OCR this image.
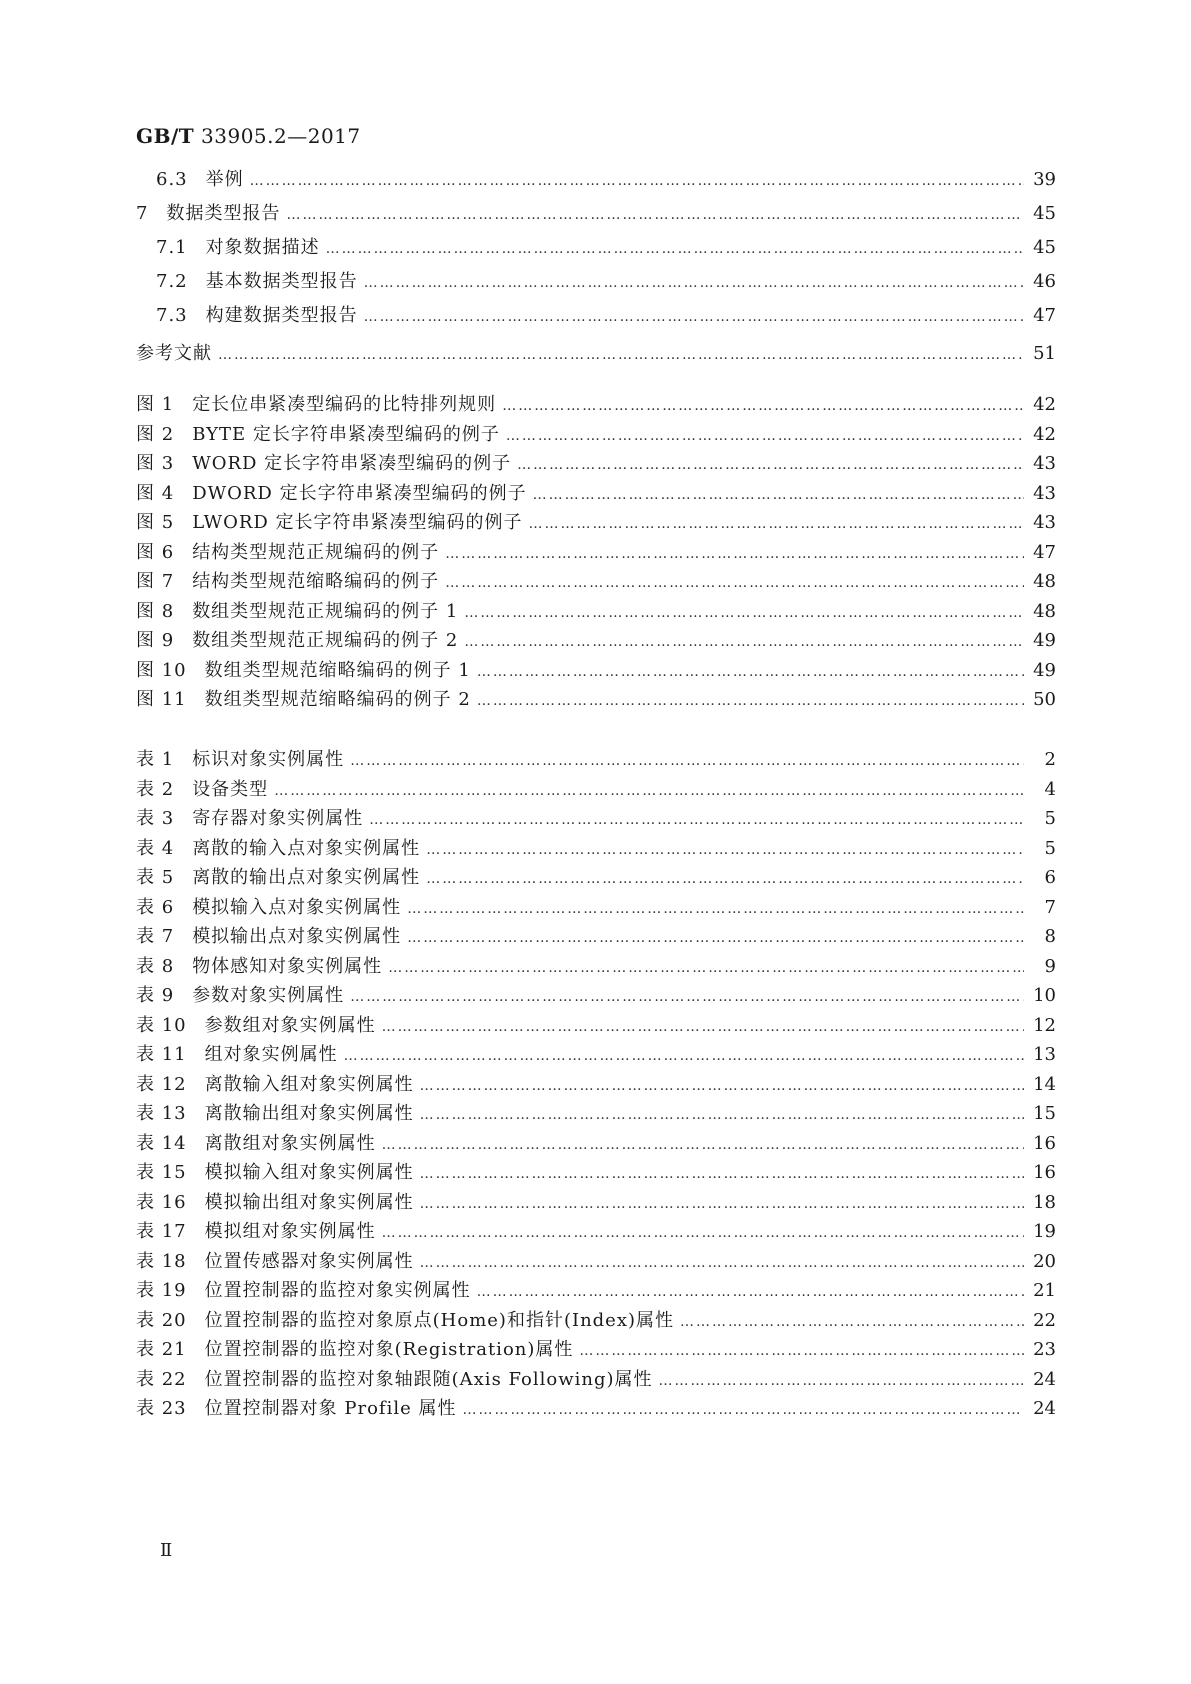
GB/T 33905.2—2017
6.3 举例 …………………………………………………………………………………………………………………………………………………………………………	39
7 数据类型报告 …………………………………………………………………………………………………………………………………………………………………………	45
7.1 对象数据描述 …………………………………………………………………………………………………………………………………………………………………………	45
7.2 基本数据类型报告 …………………………………………………………………………………………………………………………………………………………………………	46
7.3 构建数据类型报告 …………………………………………………………………………………………………………………………………………………………………………	47
参考文献 …………………………………………………………………………………………………………………………………………………………………………	51
图 1 定长位串紧凑型编码的比特排列规则 …………………………………………………………………………………………………………………………………………………………………………	42
图 2 BYTE 定长字符串紧凑型编码的例子 …………………………………………………………………………………………………………………………………………………………………………	42
图 3 WORD 定长字符串紧凑型编码的例子 …………………………………………………………………………………………………………………………………………………………………………	43
图 4 DWORD 定长字符串紧凑型编码的例子 …………………………………………………………………………………………………………………………………………………………………………	43
图 5 LWORD 定长字符串紧凑型编码的例子 …………………………………………………………………………………………………………………………………………………………………………	43
图 6 结构类型规范正规编码的例子 …………………………………………………………………………………………………………………………………………………………………………	47
图 7 结构类型规范缩略编码的例子 …………………………………………………………………………………………………………………………………………………………………………	48
图 8 数组类型规范正规编码的例子 1 …………………………………………………………………………………………………………………………………………………………………………	48
图 9 数组类型规范正规编码的例子 2 …………………………………………………………………………………………………………………………………………………………………………	49
图 10 数组类型规范缩略编码的例子 1 …………………………………………………………………………………………………………………………………………………………………………	49
图 11 数组类型规范缩略编码的例子 2 …………………………………………………………………………………………………………………………………………………………………………	50
表 1 标识对象实例属性 …………………………………………………………………………………………………………………………………………………………………………	2
表 2 设备类型 …………………………………………………………………………………………………………………………………………………………………………	4
表 3 寄存器对象实例属性 …………………………………………………………………………………………………………………………………………………………………………	5
表 4 离散的输入点对象实例属性 …………………………………………………………………………………………………………………………………………………………………………	5
表 5 离散的输出点对象实例属性 …………………………………………………………………………………………………………………………………………………………………………	6
表 6 模拟输入点对象实例属性 …………………………………………………………………………………………………………………………………………………………………………	7
表 7 模拟输出点对象实例属性 …………………………………………………………………………………………………………………………………………………………………………	8
表 8 物体感知对象实例属性 …………………………………………………………………………………………………………………………………………………………………………	9
表 9 参数对象实例属性 …………………………………………………………………………………………………………………………………………………………………………	10
表 10 参数组对象实例属性 …………………………………………………………………………………………………………………………………………………………………………	12
表 11 组对象实例属性 …………………………………………………………………………………………………………………………………………………………………………	13
表 12 离散输入组对象实例属性 …………………………………………………………………………………………………………………………………………………………………………	14
表 13 离散输出组对象实例属性 …………………………………………………………………………………………………………………………………………………………………………	15
表 14 离散组对象实例属性 …………………………………………………………………………………………………………………………………………………………………………	16
表 15 模拟输入组对象实例属性 …………………………………………………………………………………………………………………………………………………………………………	16
表 16 模拟输出组对象实例属性 …………………………………………………………………………………………………………………………………………………………………………	18
表 17 模拟组对象实例属性 …………………………………………………………………………………………………………………………………………………………………………	19
表 18 位置传感器对象实例属性 …………………………………………………………………………………………………………………………………………………………………………	20
表 19 位置控制器的监控对象实例属性 …………………………………………………………………………………………………………………………………………………………………………	21
表 20 位置控制器的监控对象原点(Home)和指针(Index)属性 …………………………………………………………………………………………………………………………………………………………………………	22
表 21 位置控制器的监控对象(Registration)属性 …………………………………………………………………………………………………………………………………………………………………………	23
表 22 位置控制器的监控对象轴跟随(Axis Following)属性 …………………………………………………………………………………………………………………………………………………………………………	24
表 23 位置控制器对象 Profile 属性 …………………………………………………………………………………………………………………………………………………………………………	24
Ⅱ
